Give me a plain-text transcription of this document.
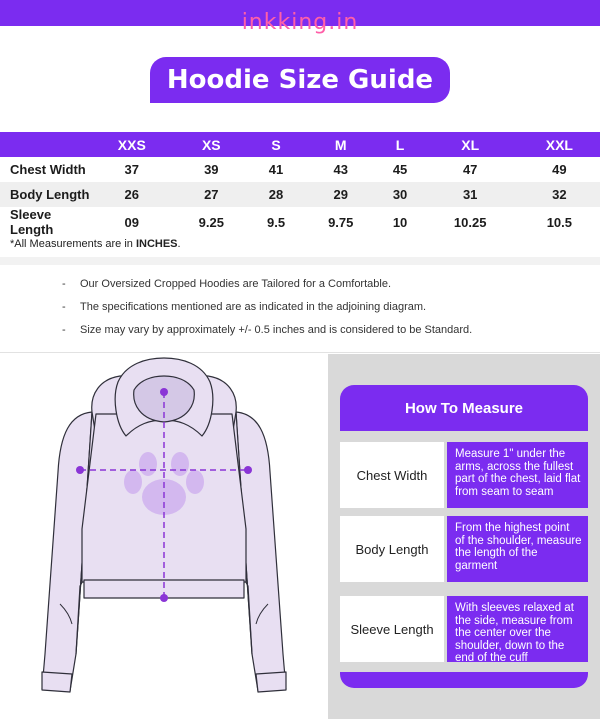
inkking.in
Hoodie Size Guide
	XXS	XS	S	M	L	XL	XXL
Chest Width	37	39	41	43	45	47	49
Body Length	26	27	28	29	30	31	32
Sleeve Length	09	9.25	9.5	9.75	10	10.25	10.5
*All Measurements are in INCHES.
- Our Oversized Cropped Hoodies are Tailored for a Comfortable.
- The specifications mentioned are as indicated in the adjoining diagram.
- Size may vary by approximately +/- 0.5 inches and is considered to be Standard.
How To Measure
Chest Width
Measure 1" under the arms, across the fullest part of the chest, laid flat from seam to seam
Body Length
From the highest point of the shoulder, measure the length of the garment
Sleeve Length
With sleeves relaxed at the side, measure from the center over the shoulder, down to the end of the cuff
